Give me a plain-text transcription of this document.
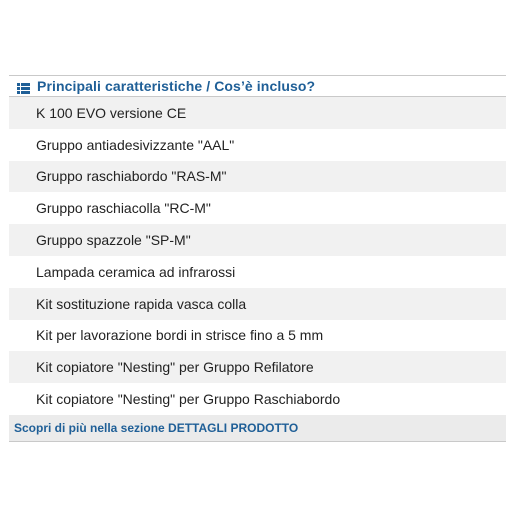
Principali caratteristiche / Cos’è incluso?
K 100 EVO versione CE
Gruppo antiadesivizzante "AAL"
Gruppo raschiabordo "RAS-M"
Gruppo raschiacolla "RC-M"
Gruppo spazzole "SP-M"
Lampada ceramica ad infrarossi
Kit sostituzione rapida vasca colla
Kit per lavorazione bordi in strisce fino a 5 mm
Kit copiatore "Nesting" per Gruppo Refilatore
Kit copiatore "Nesting" per Gruppo Raschiabordo
Scopri di più nella sezione DETTAGLI PRODOTTO
